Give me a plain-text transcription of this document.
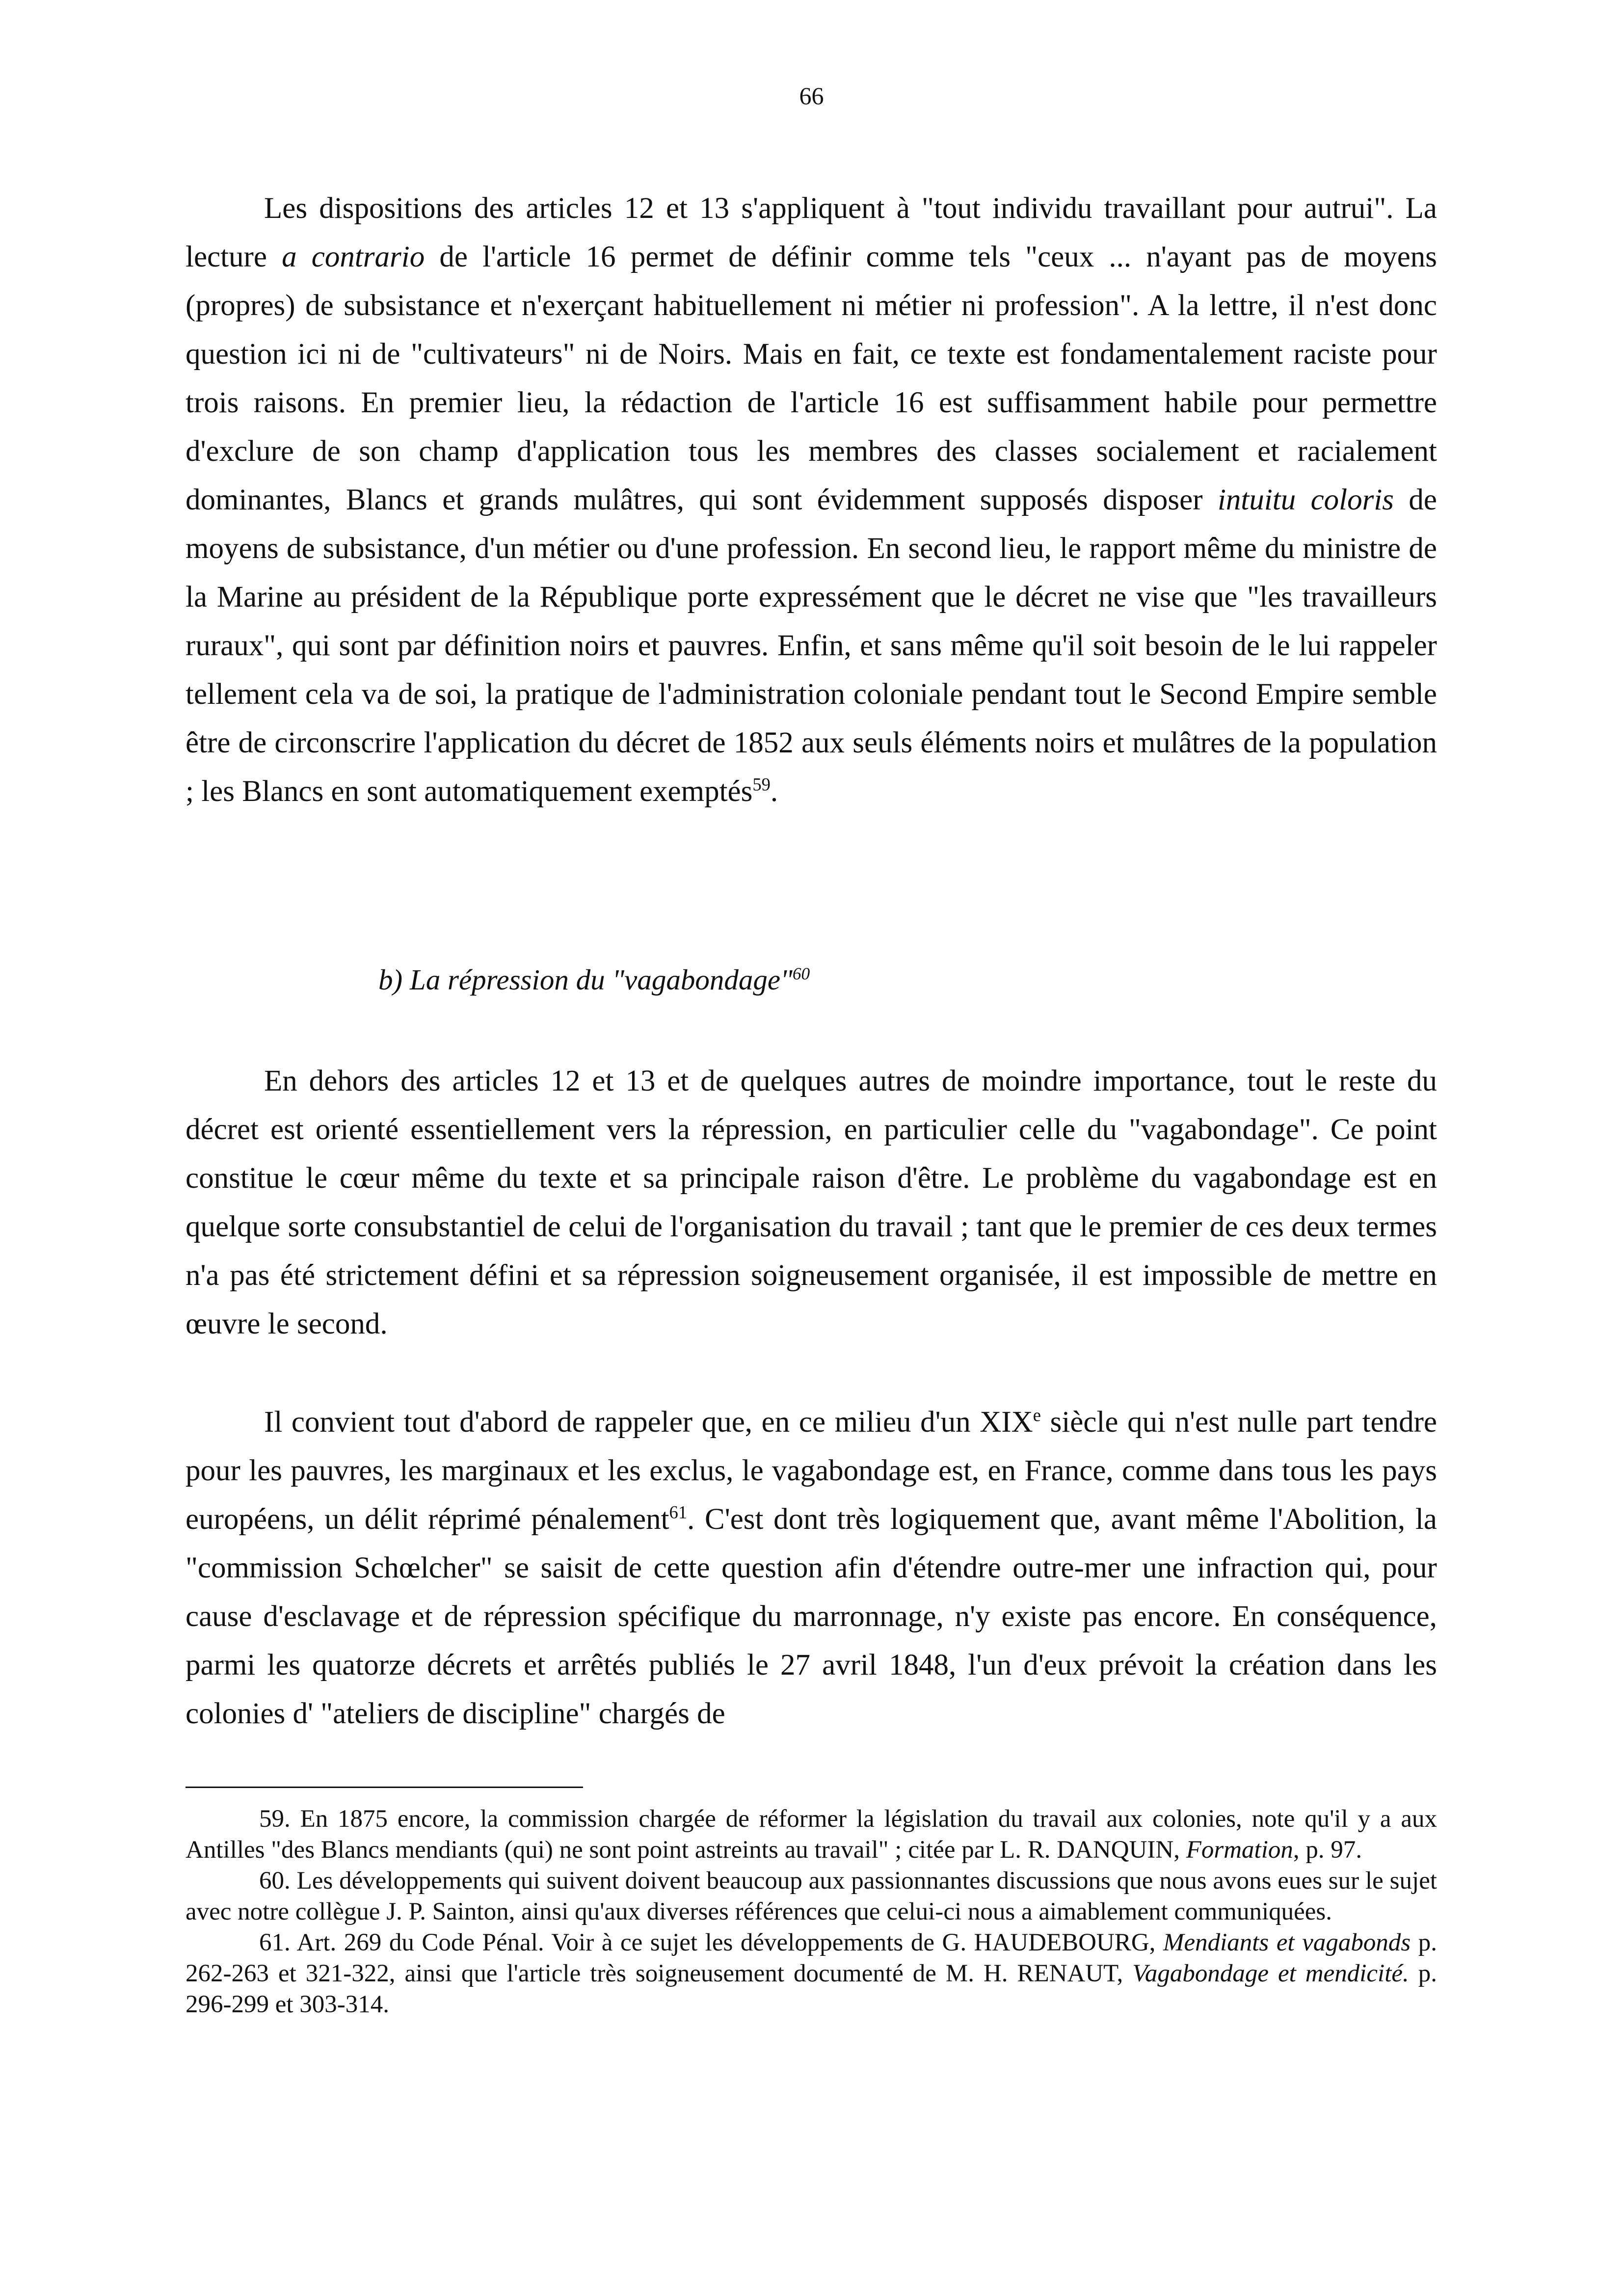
66

Les dispositions des articles 12 et 13 s'appliquent à "tout individu travaillant pour autrui". La lecture a contrario de l'article 16 permet de définir comme tels "ceux ... n'ayant pas de moyens (propres) de subsistance et n'exerçant habituellement ni métier ni profession". A la lettre, il n'est donc question ici ni de "cultivateurs" ni de Noirs. Mais en fait, ce texte est fondamentalement raciste pour trois raisons. En premier lieu, la rédaction de l'article 16 est suffisamment habile pour permettre d'exclure de son champ d'application tous les membres des classes socialement et racialement dominantes, Blancs et grands mulâtres, qui sont évidemment supposés disposer intuitu coloris de moyens de subsistance, d'un métier ou d'une profession. En second lieu, le rapport même du ministre de la Marine au président de la République porte expressément que le décret ne vise que "les travailleurs ruraux", qui sont par définition noirs et pauvres. Enfin, et sans même qu'il soit besoin de le lui rappeler tellement cela va de soi, la pratique de l'administration coloniale pendant tout le Second Empire semble être de circonscrire l'application du décret de 1852 aux seuls éléments noirs et mulâtres de la population ; les Blancs en sont automatiquement exemptés$^{59}$.

b) La répression du "vagabondage"$^{60}$

En dehors des articles 12 et 13 et de quelques autres de moindre importance, tout le reste du décret est orienté essentiellement vers la répression, en particulier celle du "vagabondage". Ce point constitue le cœur même du texte et sa principale raison d'être. Le problème du vagabondage est en quelque sorte consubstantiel de celui de l'organisation du travail ; tant que le premier de ces deux termes n'a pas été strictement défini et sa répression soigneusement organisée, il est impossible de mettre en œuvre le second.

Il convient tout d'abord de rappeler que, en ce milieu d'un XIXe siècle qui n'est nulle part tendre pour les pauvres, les marginaux et les exclus, le vagabondage est, en France, comme dans tous les pays européens, un délit réprimé pénalement$^{61}$. C'est dont très logiquement que, avant même l'Abolition, la "commission Schœlcher" se saisit de cette question afin d'étendre outre-mer une infraction qui, pour cause d'esclavage et de répression spécifique du marronnage, n'y existe pas encore. En conséquence, parmi les quatorze décrets et arrêtés publiés le 27 avril 1848, l'un d'eux prévoit la création dans les colonies d' "ateliers de discipline" chargés de

59. En 1875 encore, la commission chargée de réformer la législation du travail aux colonies, note qu'il y a aux Antilles "des Blancs mendiants (qui) ne sont point astreints au travail" ; citée par L. R. DANQUIN, Formation, p. 97.

60. Les développements qui suivent doivent beaucoup aux passionnantes discussions que nous avons eues sur le sujet avec notre collègue J. P. Sainton, ainsi qu'aux diverses références que celui-ci nous a aimablement communiquées.

61. Art. 269 du Code Pénal. Voir à ce sujet les développements de G. HAUDEBOURG, Mendiants et vagabonds p. 262-263 et 321-322, ainsi que l'article très soigneusement documenté de M. H. RENAUT, Vagabondage et mendicité. p. 296-299 et 303-314.
